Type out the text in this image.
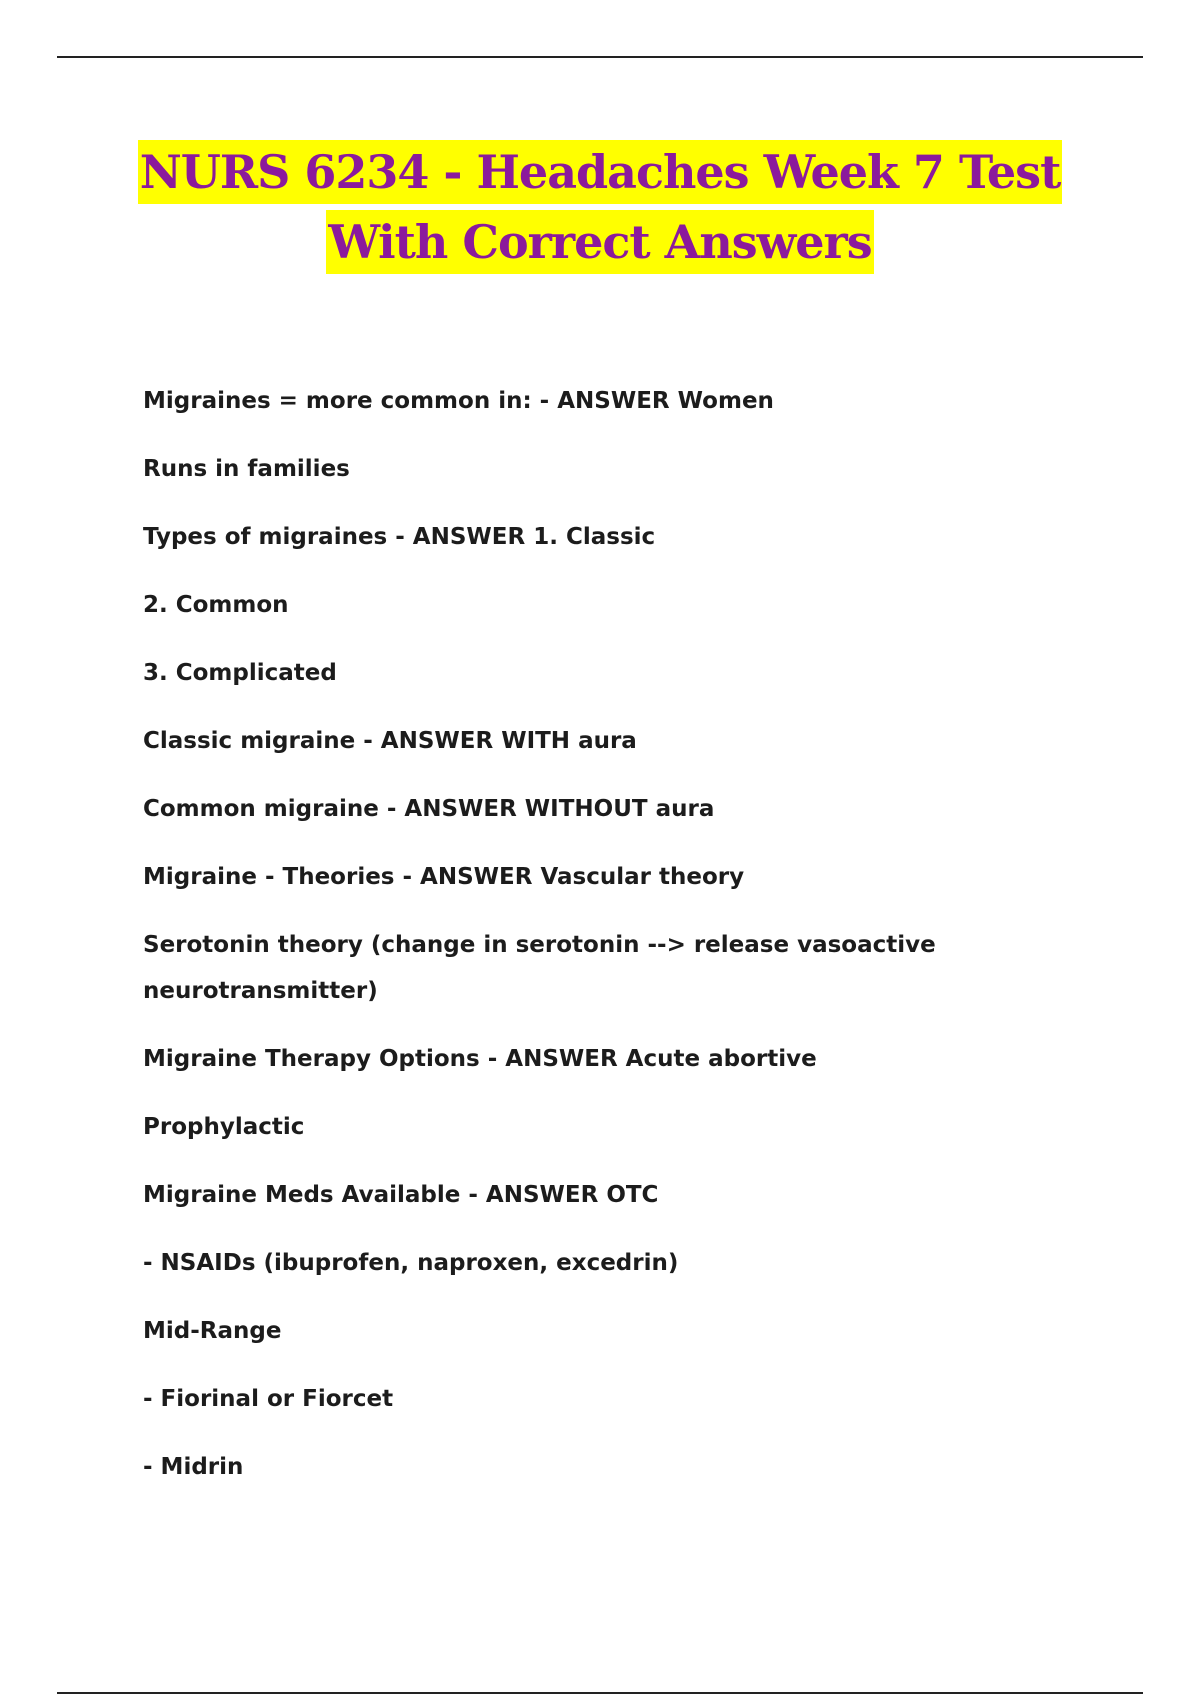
NURS 6234 - Headaches Week 7 Test
With Correct Answers

Migraines = more common in: - ANSWER Women

Runs in families

Types of migraines - ANSWER 1. Classic

2. Common

3. Complicated

Classic migraine - ANSWER WITH aura

Common migraine - ANSWER WITHOUT aura

Migraine - Theories - ANSWER Vascular theory

Serotonin theory (change in serotonin --> release vasoactive
neurotransmitter)

Migraine Therapy Options - ANSWER Acute abortive

Prophylactic

Migraine Meds Available - ANSWER OTC

- NSAIDs (ibuprofen, naproxen, excedrin)

Mid-Range

- Fiorinal or Fiorcet

- Midrin
